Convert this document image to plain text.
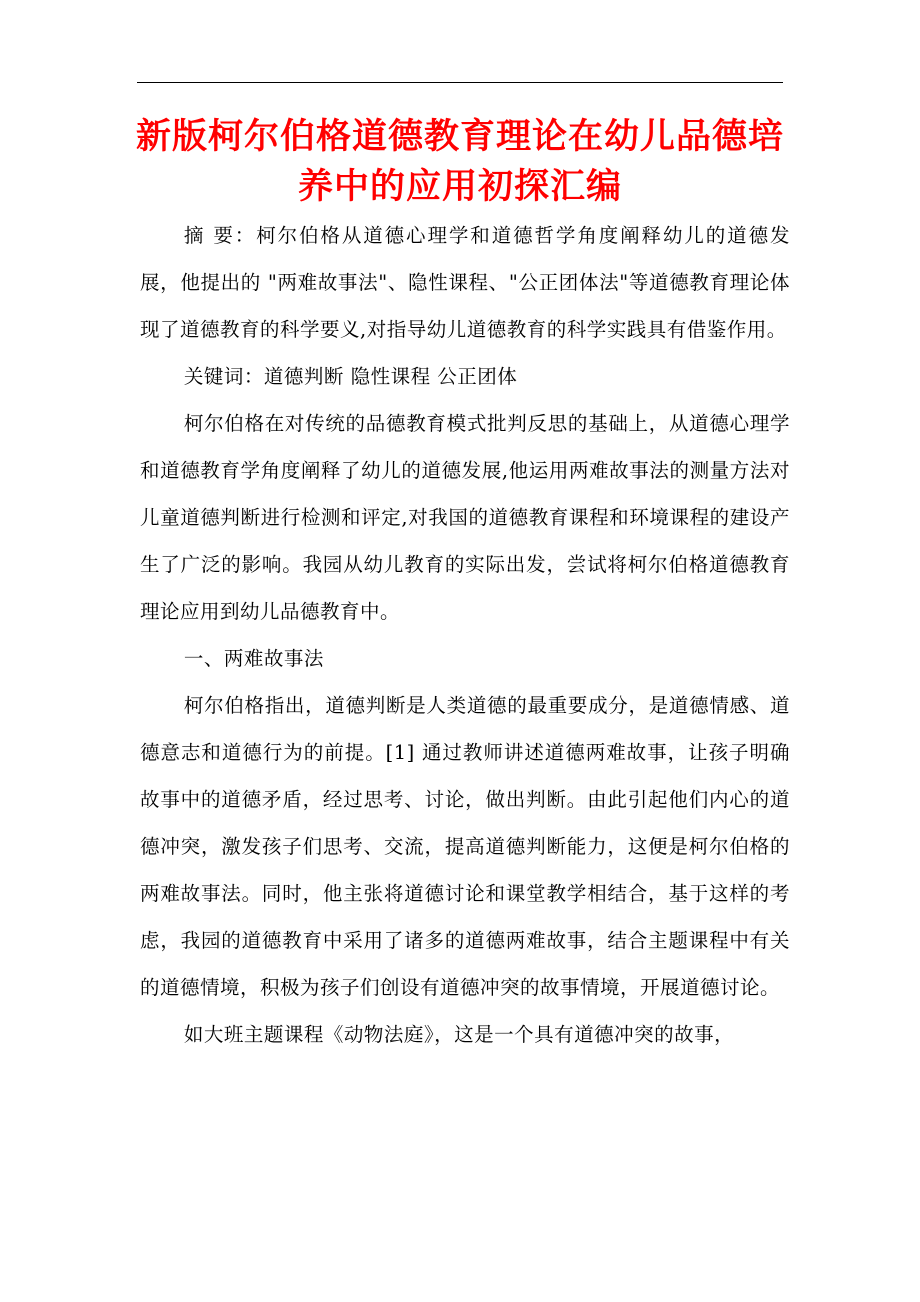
新版柯尔伯格道德教育理论在幼儿品德培
养中的应用初探汇编

摘 要：柯尔伯格从道德心理学和道德哲学角度阐释幼儿的道德发展，他提出的 "两难故事法"、隐性课程、"公正团体法"等道德教育理论体现了道德教育的科学要义,对指导幼儿道德教育的科学实践具有借鉴作用。

关键词：道德判断 隐性课程 公正团体

柯尔伯格在对传统的品德教育模式批判反思的基础上，从道德心理学和道德教育学角度阐释了幼儿的道德发展,他运用两难故事法的测量方法对儿童道德判断进行检测和评定,对我国的道德教育课程和环境课程的建设产生了广泛的影响。我园从幼儿教育的实际出发，尝试将柯尔伯格道德教育理论应用到幼儿品德教育中。

一、两难故事法

柯尔伯格指出，道德判断是人类道德的最重要成分，是道德情感、道德意志和道德行为的前提。[1] 通过教师讲述道德两难故事，让孩子明确故事中的道德矛盾，经过思考、讨论，做出判断。由此引起他们内心的道德冲突，激发孩子们思考、交流，提高道德判断能力，这便是柯尔伯格的两难故事法。同时，他主张将道德讨论和课堂教学相结合，基于这样的考虑，我园的道德教育中采用了诸多的道德两难故事，结合主题课程中有关的道德情境，积极为孩子们创设有道德冲突的故事情境，开展道德讨论。

如大班主题课程《动物法庭》，这是一个具有道德冲突的故事，
